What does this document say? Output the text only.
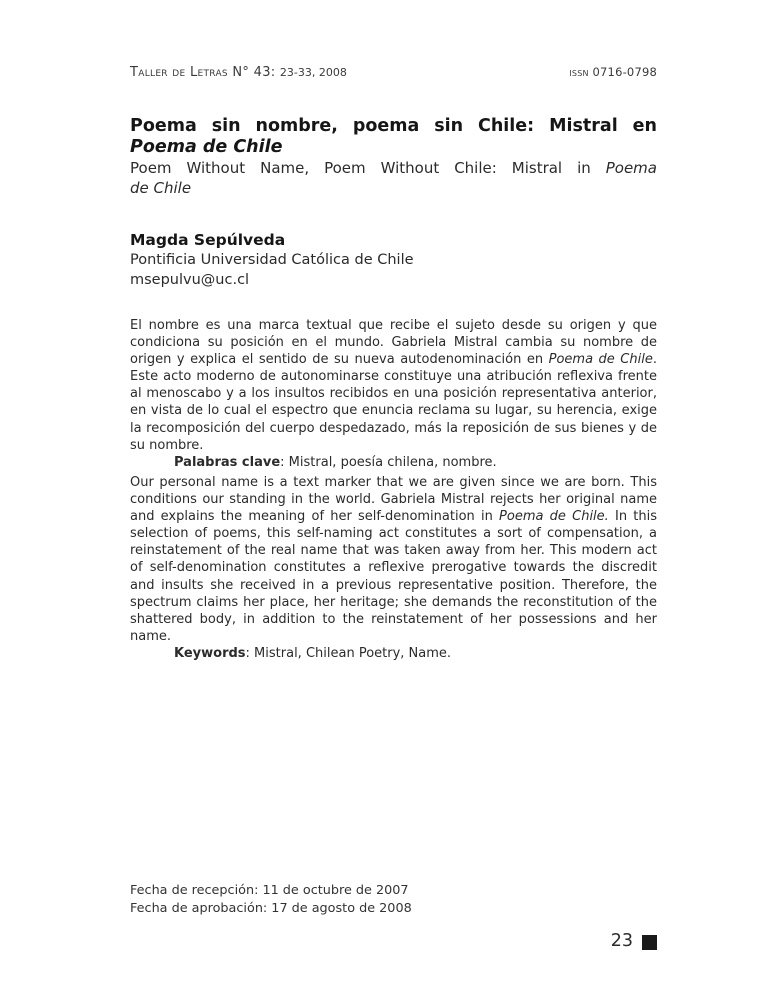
Taller de Letras N° 43: 23-33, 2008	issn 0716-0798
Poema sin nombre, poema sin Chile: Mistral en
Poema de Chile
Poem Without Name, Poem Without Chile: Mistral in Poema
de Chile
Magda Sepúlveda
Pontificia Universidad Católica de Chile
msepulvu@uc.cl
El nombre es una marca textual que recibe el sujeto desde su origen y que condiciona su posición en el mundo. Gabriela Mistral cambia su nombre de origen y explica el sentido de su nueva autodenominación en Poema de Chile. Este acto moderno de autonominarse constituye una atribución reflexiva frente al menoscabo y a los insultos recibidos en una posición representativa anterior, en vista de lo cual el espectro que enuncia reclama su lugar, su herencia, exige la recomposición del cuerpo despedazado, más la reposición de sus bienes y de su nombre.
Palabras clave: Mistral, poesía chilena, nombre.
Our personal name is a text marker that we are given since we are born. This conditions our standing in the world. Gabriela Mistral rejects her original name and explains the meaning of her self-denomination in Poema de Chile. In this selection of poems, this self-naming act constitutes a sort of compensation, a reinstatement of the real name that was taken away from her. This modern act of self-denomination constitutes a reflexive prerogative towards the discredit and insults she received in a previous representative position. Therefore, the spectrum claims her place, her heritage; she demands the reconstitution of the shattered body, in addition to the reinstatement of her possessions and her name.
Keywords: Mistral, Chilean Poetry, Name.
Fecha de recepción: 11 de octubre de 2007
Fecha de aprobación: 17 de agosto de 2008
23
